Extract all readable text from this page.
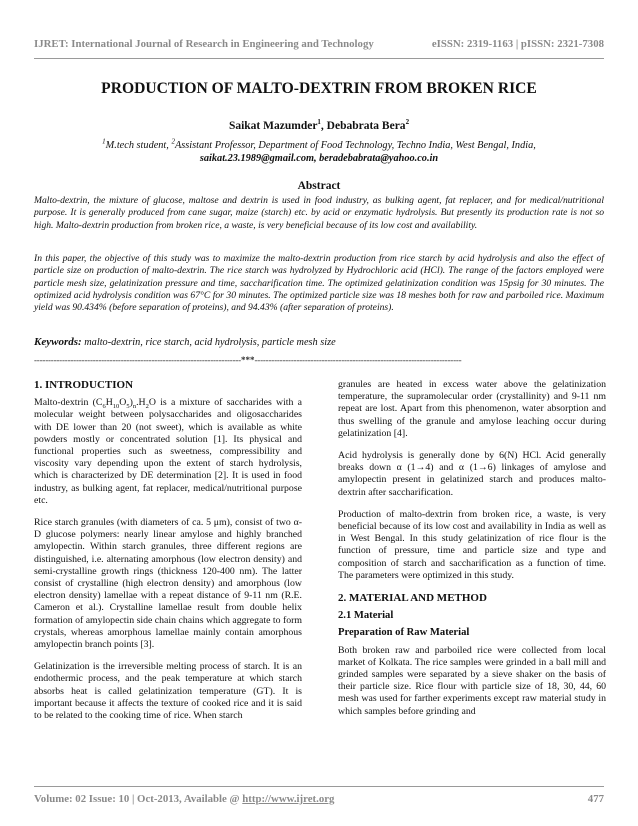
IJRET: International Journal of Research in Engineering and Technology	eISSN: 2319-1163 | pISSN: 2321-7308
PRODUCTION OF MALTO-DEXTRIN FROM BROKEN RICE
Saikat Mazumder$^1$, Debabrata Bera$^2$
$^1$M.tech student, $^2$Assistant Professor, Department of Food Technology, Techno India, West Bengal, India,
saikat.23.1989@gmail.com, beradebabrata@yahoo.co.in
Abstract

Malto-dextrin, the mixture of glucose, maltose and dextrin is used in food industry, as bulking agent, fat replacer, and for medical/nutritional purpose. It is generally produced from cane sugar, maize (starch) etc. by acid or enzymatic hydrolysis. But presently its production rate is not so high. Malto-dextrin production from broken rice, a waste, is very beneficial because of its low cost and availability.

In this paper, the objective of this study was to maximize the malto-dextrin production from rice starch by acid hydrolysis and also the effect of particle size on production of malto-dextrin. The rice starch was hydrolyzed by Hydrochloric acid (HCl). The range of the factors employed were particle mesh size, gelatinization pressure and time, saccharification time. The optimized gelatinization condition was 15psig for 30 minutes. The optimized acid hydrolysis condition was 67°C for 30 minutes. The optimized particle size was 18 meshes both for raw and parboiled rice. Maximum yield was 90.434% (before separation of proteins), and 94.43% (after separation of proteins).

Keywords: malto-dextrin, rice starch, acid hydrolysis, particle mesh size
--------------------------------------------------------------------------***--------------------------------------------------------------------------
1. INTRODUCTION

Malto-dextrin $(C_6H_{10}O_5)_n.H_2O$ is a mixture of saccharides with a molecular weight between polysaccharides and oligosaccharides with DE lower than 20 (not sweet), which is available as white powders mostly or concentrated solution [1]. Its physical and functional properties such as sweetness, compressibility and viscosity vary depending upon the extent of starch hydrolysis, which is characterized by DE determination [2]. It is used in food industry, as bulking agent, fat replacer, medical/nutritional purpose etc.

Rice starch granules (with diameters of ca. 5 μm), consist of two α-D glucose polymers: nearly linear amylose and highly branched amylopectin. Within starch granules, three different regions are distinguished, i.e. alternating amorphous (low electron density) and semi-crystalline growth rings (thickness 120-400 nm). The latter consist of crystalline (high electron density) and amorphous (low electron density) lamellae with a repeat distance of 9-11 nm (R.E. Cameron et al.). Crystalline lamellae result from double helix formation of amylopectin side chain chains which aggregate to form crystals, whereas amorphous lamellae mainly contain amorphous amylopectin branch points [3].

Gelatinization is the irreversible melting process of starch. It is an endothermic process, and the peak temperature at which starch absorbs heat is called gelatinization temperature (GT). It is important because it affects the texture of cooked rice and it is said to be related to the cooking time of rice. When starch

granules are heated in excess water above the gelatinization temperature, the supramolecular order (crystallinity) and 9-11 nm repeat are lost. Apart from this phenomenon, water absorption and thus swelling of the granule and amylose leaching occur during gelatinization [4].

Acid hydrolysis is generally done by 6(N) HCl. Acid generally breaks down α (1→4) and α (1→6) linkages of amylose and amylopectin present in gelatinized starch and produces malto-dextrin after saccharification.

Production of malto-dextrin from broken rice, a waste, is very beneficial because of its low cost and availability in India as well as in West Bengal. In this study gelatinization of rice flour is the function of pressure, time and particle size and type and composition of starch and saccharification as a function of time. The parameters were optimized in this study.

2. MATERIAL AND METHOD
2.1 Material
Preparation of Raw Material

Both broken raw and parboiled rice were collected from local market of Kolkata. The rice samples were grinded in a ball mill and grinded samples were separated by a sieve shaker on the basis of their particle size. Rice flour with particle size of 18, 30, 44, 60 mesh was used for farther experiments except raw material study in which samples before grinding and

Volume: 02 Issue: 10 | Oct-2013, Available @ http://www.ijret.org	477
